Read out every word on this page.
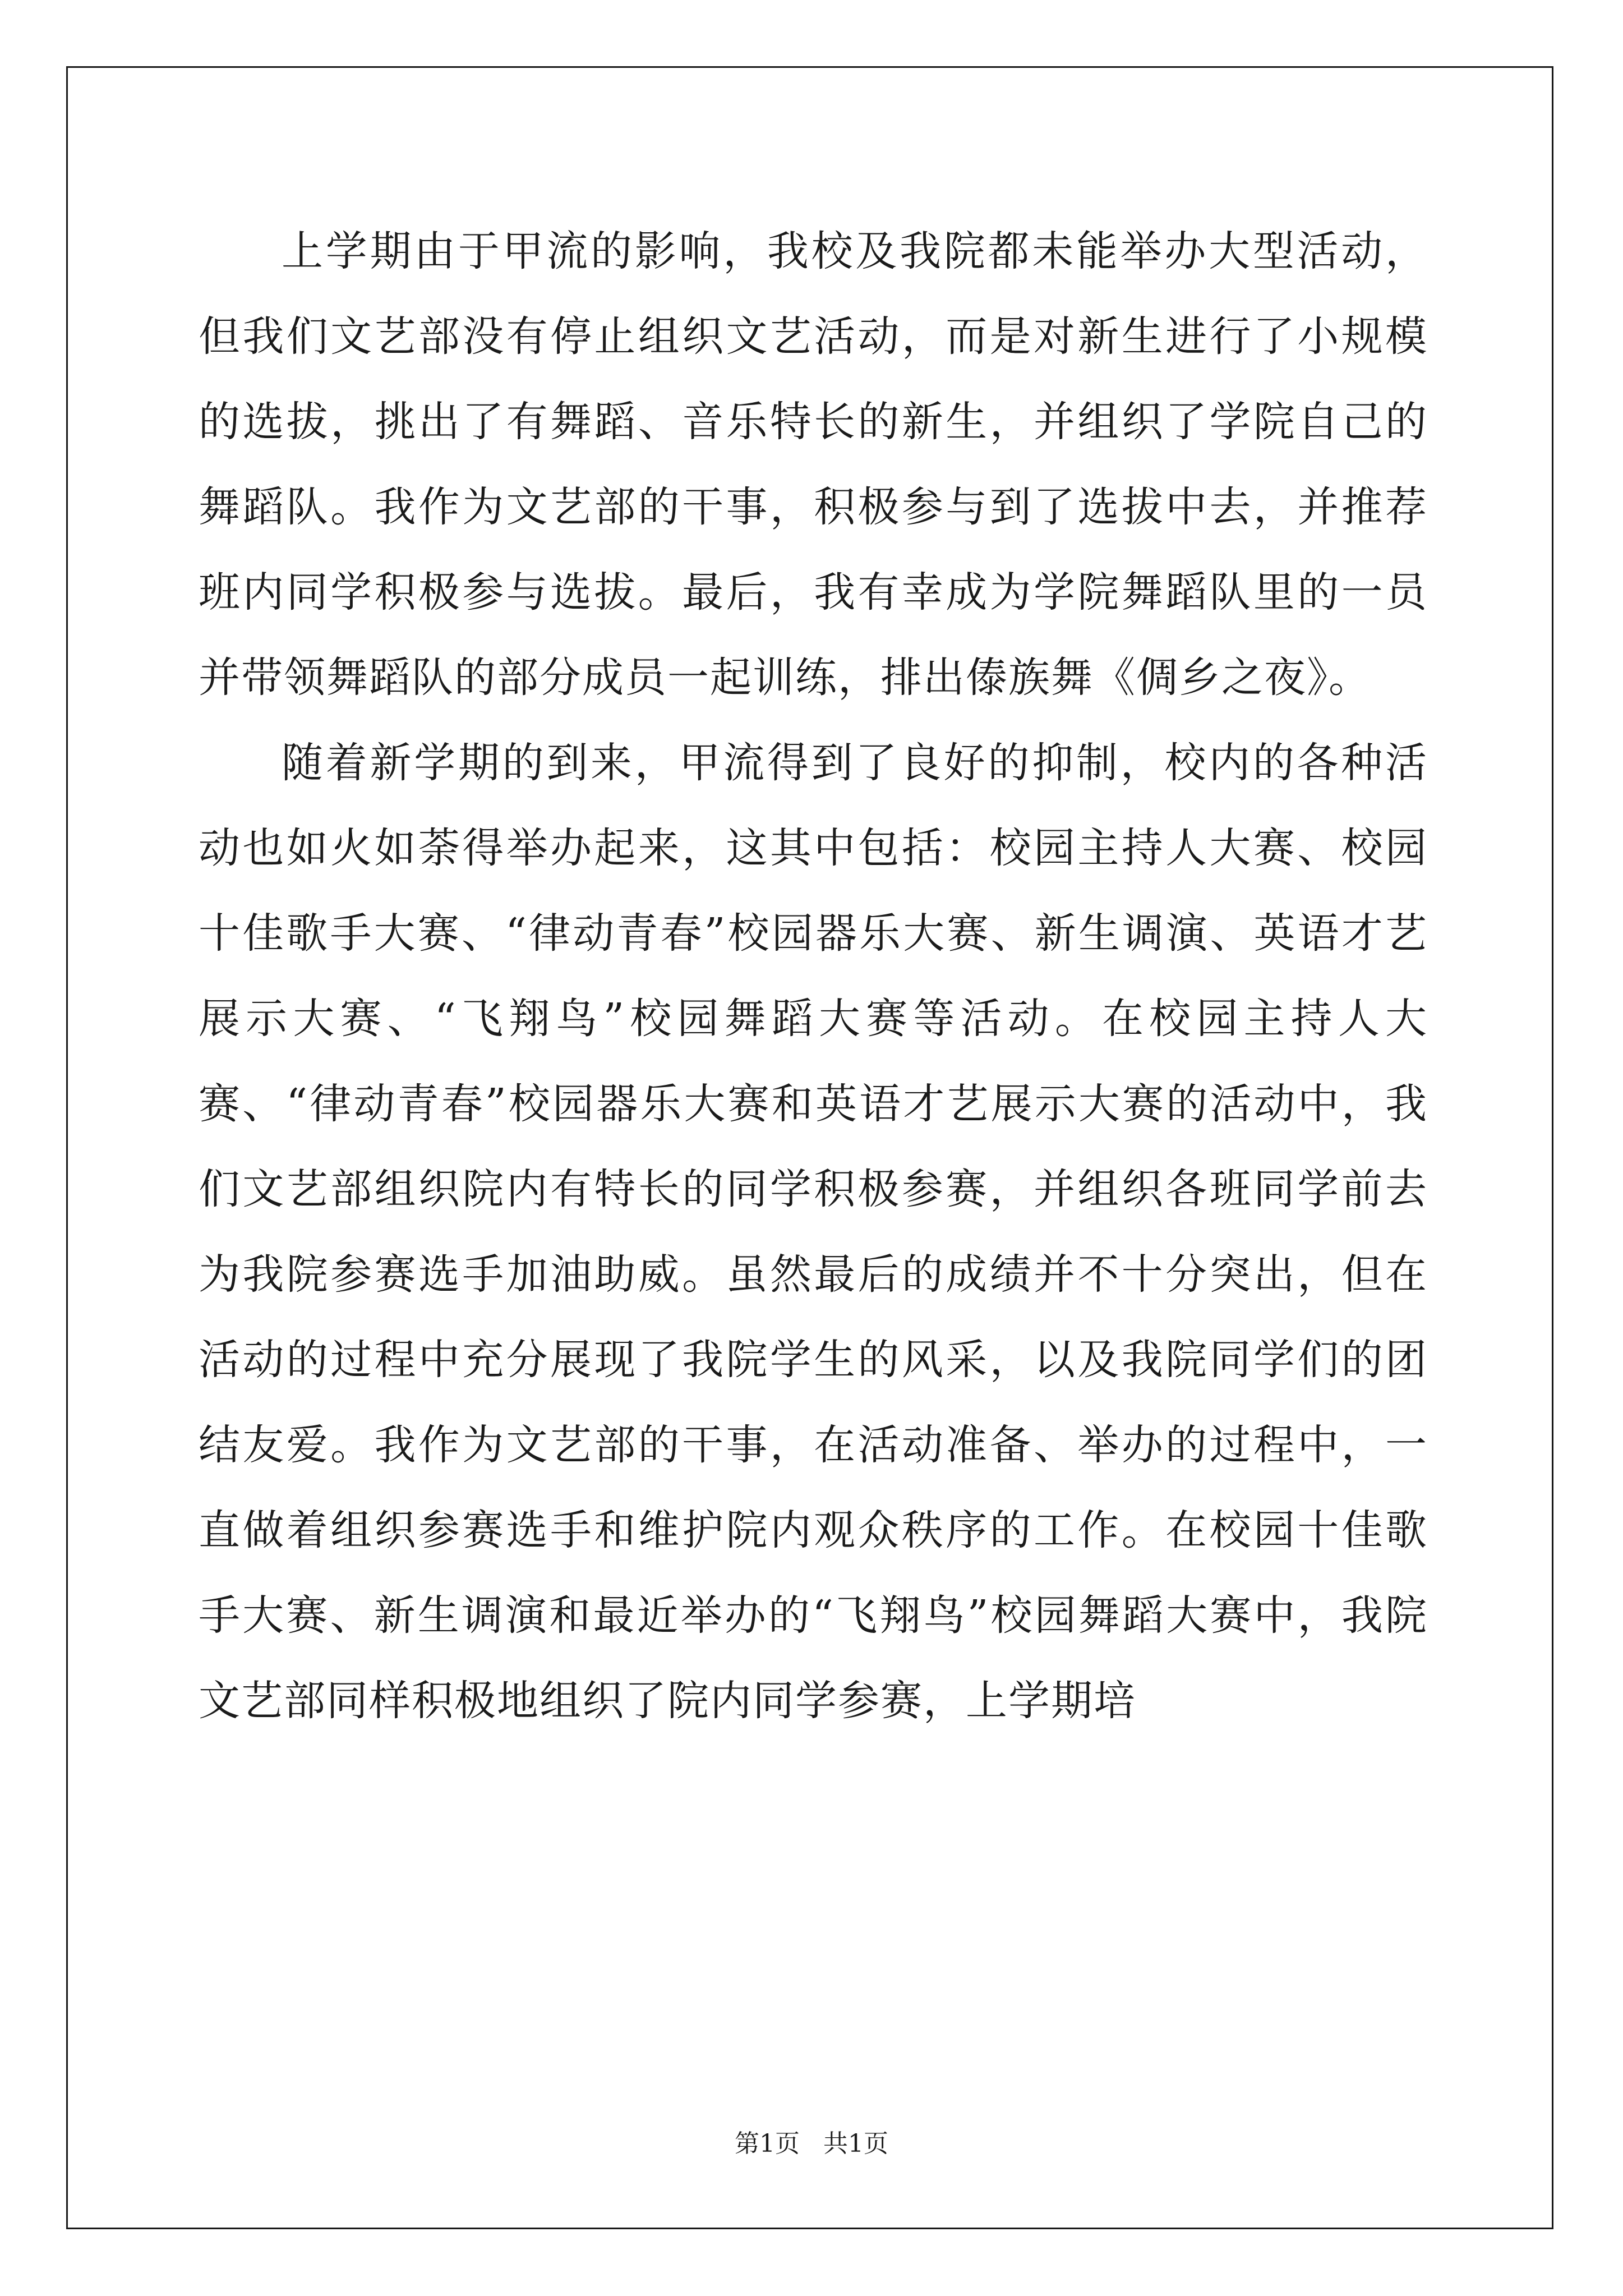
上学期由于甲流的影响，我校及我院都未能举办大型活动，但我们文艺部没有停止组织文艺活动，而是对新生进行了小规模的选拔，挑出了有舞蹈、音乐特长的新生，并组织了学院自己的舞蹈队。我作为文艺部的干事，积极参与到了选拔中去，并推荐班内同学积极参与选拔。最后，我有幸成为学院舞蹈队里的一员并带领舞蹈队的部分成员一起训练，排出傣族舞《倜乡之夜》。

随着新学期的到来，甲流得到了良好的抑制，校内的各种活动也如火如荼得举办起来，这其中包括：校园主持人大赛、校园十佳歌手大赛、“律动青春”校园器乐大赛、新生调演、英语才艺展示大赛、“飞翔鸟”校园舞蹈大赛等活动。在校园主持人大赛、“律动青春”校园器乐大赛和英语才艺展示大赛的活动中，我们文艺部组织院内有特长的同学积极参赛，并组织各班同学前去为我院参赛选手加油助威。虽然最后的成绩并不十分突出，但在活动的过程中充分展现了我院学生的风采，以及我院同学们的团结友爱。我作为文艺部的干事，在活动准备、举办的过程中，一直做着组织参赛选手和维护院内观众秩序的工作。在校园十佳歌手大赛、新生调演和最近举办的“飞翔鸟”校园舞蹈大赛中，我院文艺部同样积极地组织了院内同学参赛，上学期培

第1页   共1页
